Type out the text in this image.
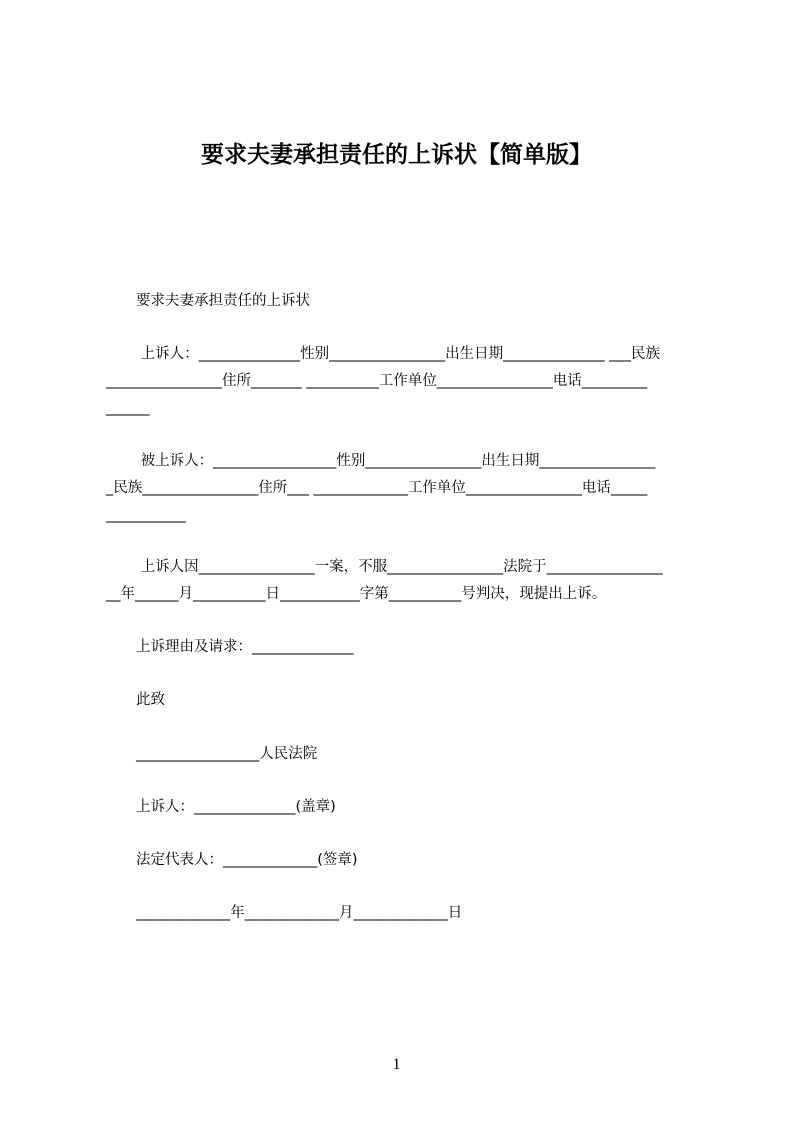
要求夫妻承担责任的上诉状【简单版】
要求夫妻承担责任的上诉状
上诉人：______________性别________________出生日期______________ ___民族
________________住所_______ __________工作单位________________电话_________
______
被上诉人：_________________性别________________出生日期________________
_民族________________住所___ _____________工作单位________________电话_____
___________
上诉人因________________一案，不服________________法院于________________
__年______月__________日___________字第__________号判决，现提出上诉。
上诉理由及请求：______________
此致
_________________人民法院
上诉人：______________(盖章)
法定代表人：_____________(签章)
_____________年_____________月_____________日
1
